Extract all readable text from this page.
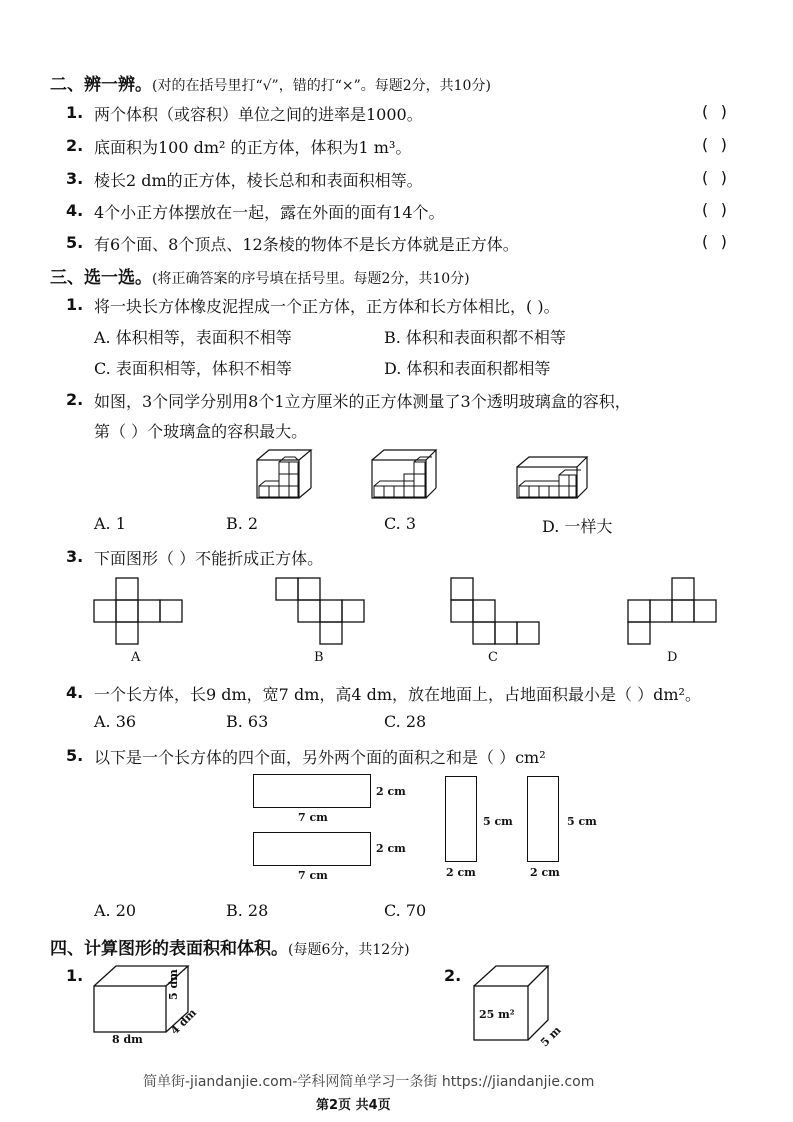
二、辨一辨。(对的在括号里打“√”，错的打“×”。每题2分，共10分)
1. 两个体积（或容积）单位之间的进率是1000。	( )
2. 底面积为100 dm² 的正方体，体积为1 m³。	( )
3. 棱长2 dm的正方体，棱长总和和表面积相等。	( )
4. 4个小正方体摆放在一起，露在外面的面有14个。	( )
5. 有6个面、8个顶点、12条棱的物体不是长方体就是正方体。	( )
三、选一选。(将正确答案的序号填在括号里。每题2分，共10分)
1. 将一块长方体橡皮泥捏成一个正方体，正方体和长方体相比，( )。
A. 体积相等，表面积不相等	B. 体积和表面积都不相等
C. 表面积相等，体积不相等	D. 体积和表面积都相等
2. 如图，3个同学分别用8个1立方厘米的正方体测量了3个透明玻璃盒的容积，
第（ ）个玻璃盒的容积最大。
A. 1	B. 2	C. 3	D. 一样大
3. 下面图形（ ）不能折成正方体。
A	B	C	D
4. 一个长方体，长9 dm，宽7 dm，高4 dm，放在地面上，占地面积最小是（ ）dm²。
A. 36	B. 63	C. 28
5. 以下是一个长方体的四个面，另外两个面的面积之和是（ ）cm²
2 cm
7 cm
2 cm
7 cm
5 cm
2 cm
5 cm
2 cm
A. 20	B. 28	C. 70
四、计算图形的表面积和体积。(每题6分，共12分)
1.
8 dm
5 dm
4 dm
2.
25 m²
5 m
简单街-jiandanjie.com-学科网简单学习一条街 https://jiandanjie.com
第2页 共4页
